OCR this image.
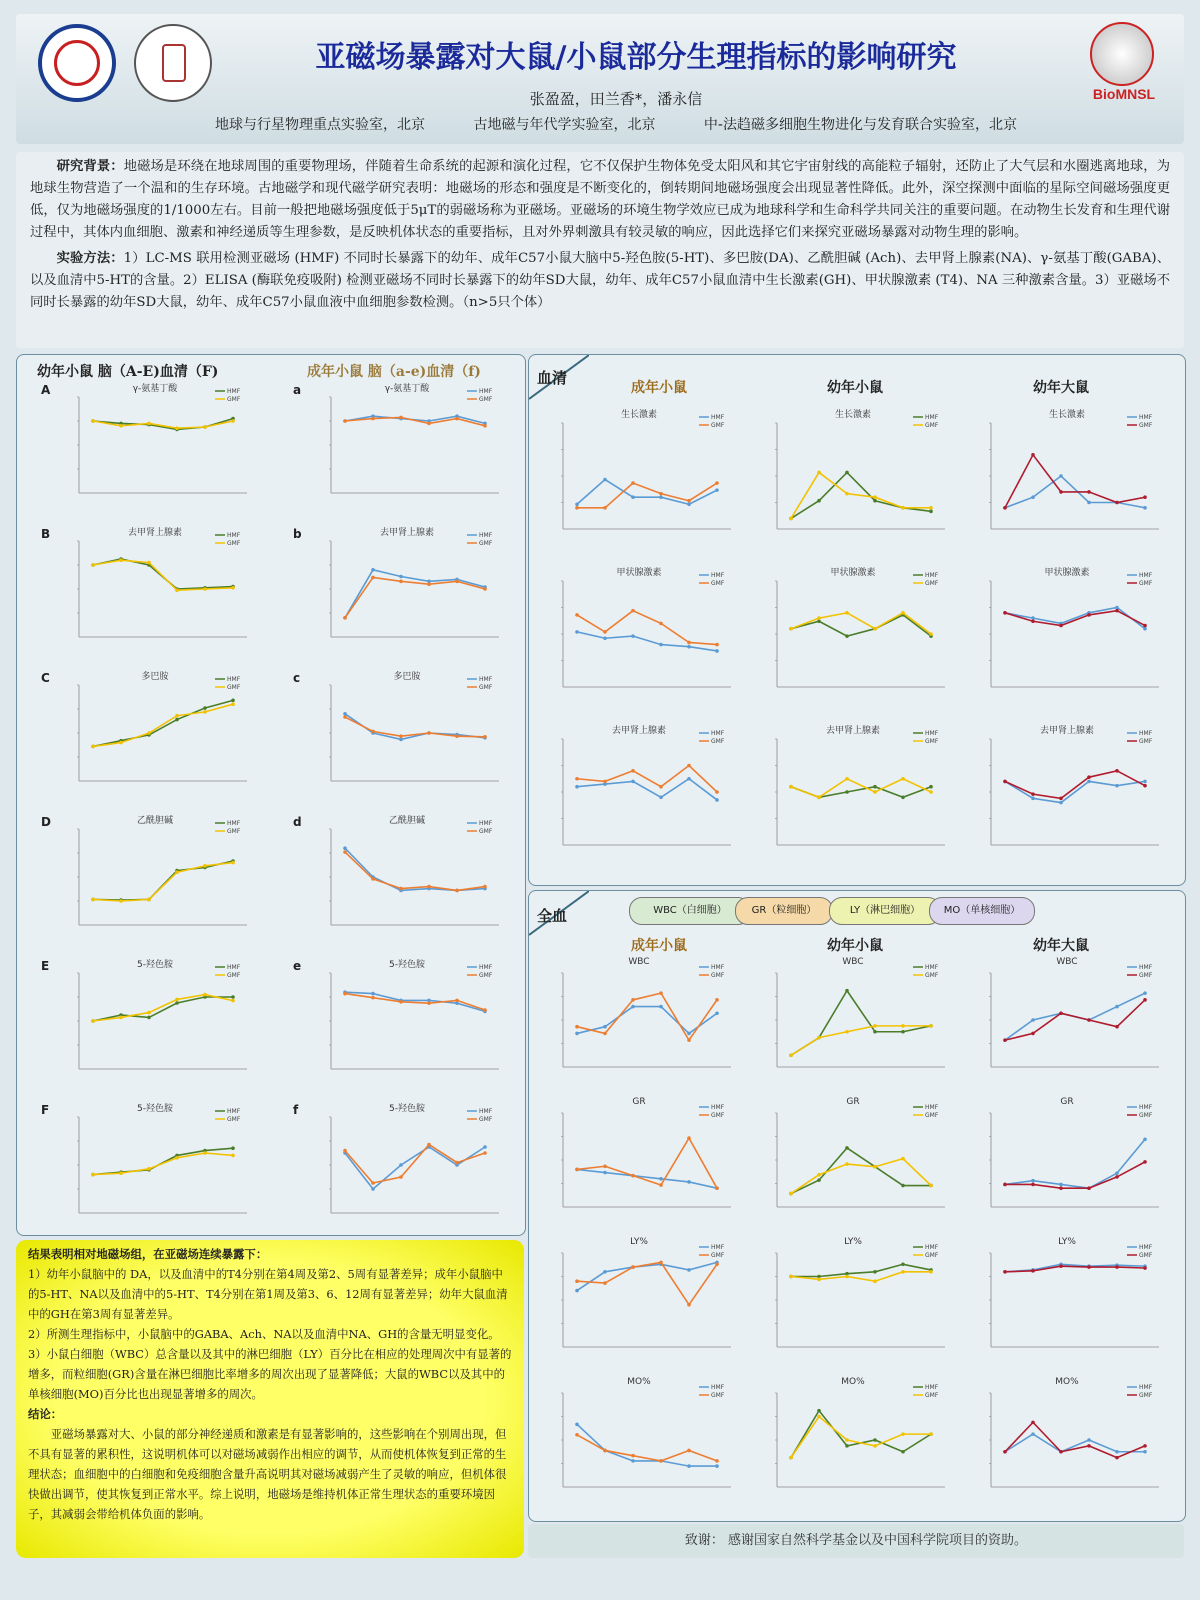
亚磁场暴露对大鼠/小鼠部分生理指标的影响研究
张盈盈，田兰香*，潘永信
地球与行星物理重点实验室，北京	古地磁与年代学实验室，北京	中-法趋磁多细胞生物进化与发育联合实验室，北京
BioMNSL

研究背景：地磁场是环绕在地球周围的重要物理场，伴随着生命系统的起源和演化过程，它不仅保护生物体免受太阳风和其它宇宙射线的高能粒子辐射，还防止了大气层和水圈逃离地球，为地球生物营造了一个温和的生存环境。古地磁学和现代磁学研究表明：地磁场的形态和强度是不断变化的，倒转期间地磁场强度会出现显著性降低。此外，深空探测中面临的星际空间磁场强度更低，仅为地磁场强度的1/1000左右。目前一般把地磁场强度低于5μT的弱磁场称为亚磁场。亚磁场的环境生物学效应已成为地球科学和生命科学共同关注的重要问题。在动物生长发育和生理代谢过程中，其体内血细胞、激素和神经递质等生理参数，是反映机体状态的重要指标，且对外界刺激具有较灵敏的响应，因此选择它们来探究亚磁场暴露对动物生理的影响。

实验方法：1）LC-MS 联用检测亚磁场 (HMF) 不同时长暴露下的幼年、成年C57小鼠大脑中5-羟色胺(5-HT)、多巴胺(DA)、乙酰胆碱 (Ach)、去甲肾上腺素(NA)、γ-氨基丁酸(GABA)、以及血清中5-HT的含量。2）ELISA (酶联免疫吸附) 检测亚磁场不同时长暴露下的幼年SD大鼠，幼年、成年C57小鼠血清中生长激素(GH)、甲状腺激素 (T4)、NA 三种激素含量。3）亚磁场不同时长暴露的幼年SD大鼠，幼年、成年C57小鼠血液中血细胞参数检测。（n>5只个体）

幼年小鼠 脑（A-E)血清（F)	成年小鼠 脑（a-e)血清（f)
γ-氨基丁酸
A	HMF
GMF
γ-氨基丁酸
a	HMF
GMF
去甲肾上腺素
B	HMF
GMF
去甲肾上腺素
b	HMF
GMF
多巴胺
C	HMF
GMF
多巴胺
c	HMF
GMF
乙酰胆碱
D	HMF
GMF
乙酰胆碱
d	HMF
GMF
5-羟色胺
E	HMF
GMF
5-羟色胺
e	HMF
GMF
5-羟色胺
F	HMF
GMF
5-羟色胺
f	HMF
GMF
血清
成年小鼠	幼年小鼠	幼年大鼠
生长激素	HMF
GMF
生长激素	HMF
GMF
生长激素	HMF
GMF
甲状腺激素	HMF
GMF
甲状腺激素	HMF
GMF
甲状腺激素	HMF
GMF
去甲肾上腺素	HMF
GMF
去甲肾上腺素	HMF
GMF
去甲肾上腺素	HMF
GMF
全血	WBC（白细胞）	GR（粒细胞）	LY（淋巴细胞）	MO（单核细胞）
成年小鼠	幼年小鼠	幼年大鼠
WBC
HMF
GMF
WBC
HMF
GMF
WBC
HMF
GMF
GR
HMF
GMF
GR
HMF
GMF
GR
HMF
GMF
LY%
HMF
GMF
LY%
HMF
GMF
LY%
HMF
GMF
MO%
HMF
GMF
MO%
HMF
GMF
MO%
HMF
GMF

结果表明相对地磁场组，在亚磁场连续暴露下：

1）幼年小鼠脑中的 DA，以及血清中的T4分别在第4周及第2、5周有显著差异；成年小鼠脑中的5-HT、NA以及血清中的5-HT、T4分别在第1周及第3、6、12周有显著差异；幼年大鼠血清中的GH在第3周有显著差异。

2）所测生理指标中，小鼠脑中的GABA、Ach、NA以及血清中NA、GH的含量无明显变化。

3）小鼠白细胞（WBC）总含量以及其中的淋巴细胞（LY）百分比在相应的处理周次中有显著的增多，而粒细胞(GR)含量在淋巴细胞比率增多的周次出现了显著降低；大鼠的WBC以及其中的单核细胞(MO)百分比也出现显著增多的周次。

结论：

亚磁场暴露对大、小鼠的部分神经递质和激素是有显著影响的，这些影响在个别周出现，但不具有显著的累积性，这说明机体可以对磁场减弱作出相应的调节，从而使机体恢复到正常的生理状态；血细胞中的白细胞和免疫细胞含量升高说明其对磁场减弱产生了灵敏的响应，但机体很快做出调节，使其恢复到正常水平。综上说明，地磁场是维持机体正常生理状态的重要环境因子，其减弱会带给机体负面的影响。

致谢： 感谢国家自然科学基金以及中国科学院项目的资助。
